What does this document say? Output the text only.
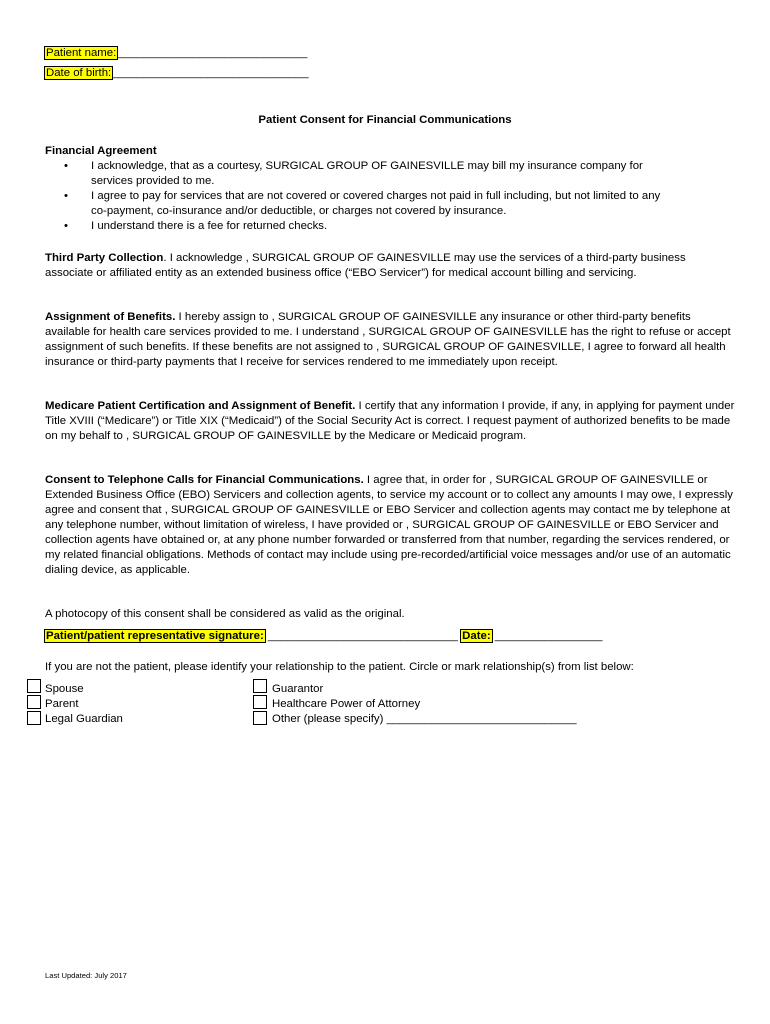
Patient name:______________________________
Date of birth:_______________________________
Patient Consent for Financial Communications
Financial Agreement
• I acknowledge, that as a courtesy, SURGICAL GROUP OF GAINESVILLE may bill my insurance company for
services provided to me.
• I agree to pay for services that are not covered or covered charges not paid in full including, but not limited to any
co-payment, co-insurance and/or deductible, or charges not covered by insurance.
• I understand there is a fee for returned checks.
Third Party Collection. I acknowledge , SURGICAL GROUP OF GAINESVILLE may use the services of a third-party business associate or affiliated entity as an extended business office (“EBO Servicer”) for medical account billing and servicing.
Assignment of Benefits. I hereby assign to , SURGICAL GROUP OF GAINESVILLE any insurance or other third-party benefits available for health care services provided to me. I understand , SURGICAL GROUP OF GAINESVILLE has the right to refuse or accept assignment of such benefits. If these benefits are not assigned to , SURGICAL GROUP OF GAINESVILLE, I agree to forward all health insurance or third-party payments that I receive for services rendered to me immediately upon receipt.
Medicare Patient Certification and Assignment of Benefit. I certify that any information I provide, if any, in applying for payment under Title XVIII (“Medicare”) or Title XIX (“Medicaid”) of the Social Security Act is correct. I request payment of authorized benefits to be made on my behalf to , SURGICAL GROUP OF GAINESVILLE by the Medicare or Medicaid program.
Consent to Telephone Calls for Financial Communications. I agree that, in order for , SURGICAL GROUP OF GAINESVILLE or Extended Business Office (EBO) Servicers and collection agents, to service my account or to collect any amounts I may owe, I expressly agree and consent that , SURGICAL GROUP OF GAINESVILLE or EBO Servicer and collection agents may contact me by telephone at any telephone number, without limitation of wireless, I have provided or , SURGICAL GROUP OF GAINESVILLE or EBO Servicer and collection agents have obtained or, at any phone number forwarded or transferred from that number, regarding the services rendered, or my related financial obligations. Methods of contact may include using pre-recorded/artificial voice messages and/or use of an automatic dialing device, as applicable.
A photocopy of this consent shall be considered as valid as the original.
Patient/patient representative signature: ______________________________ Date: _________________
If you are not the patient, please identify your relationship to the patient. Circle or mark relationship(s) from list below:
Spouse
Parent
Legal Guardian
Guarantor
Healthcare Power of Attorney
Other (please specify) ______________________________
Last Updated: July 2017
